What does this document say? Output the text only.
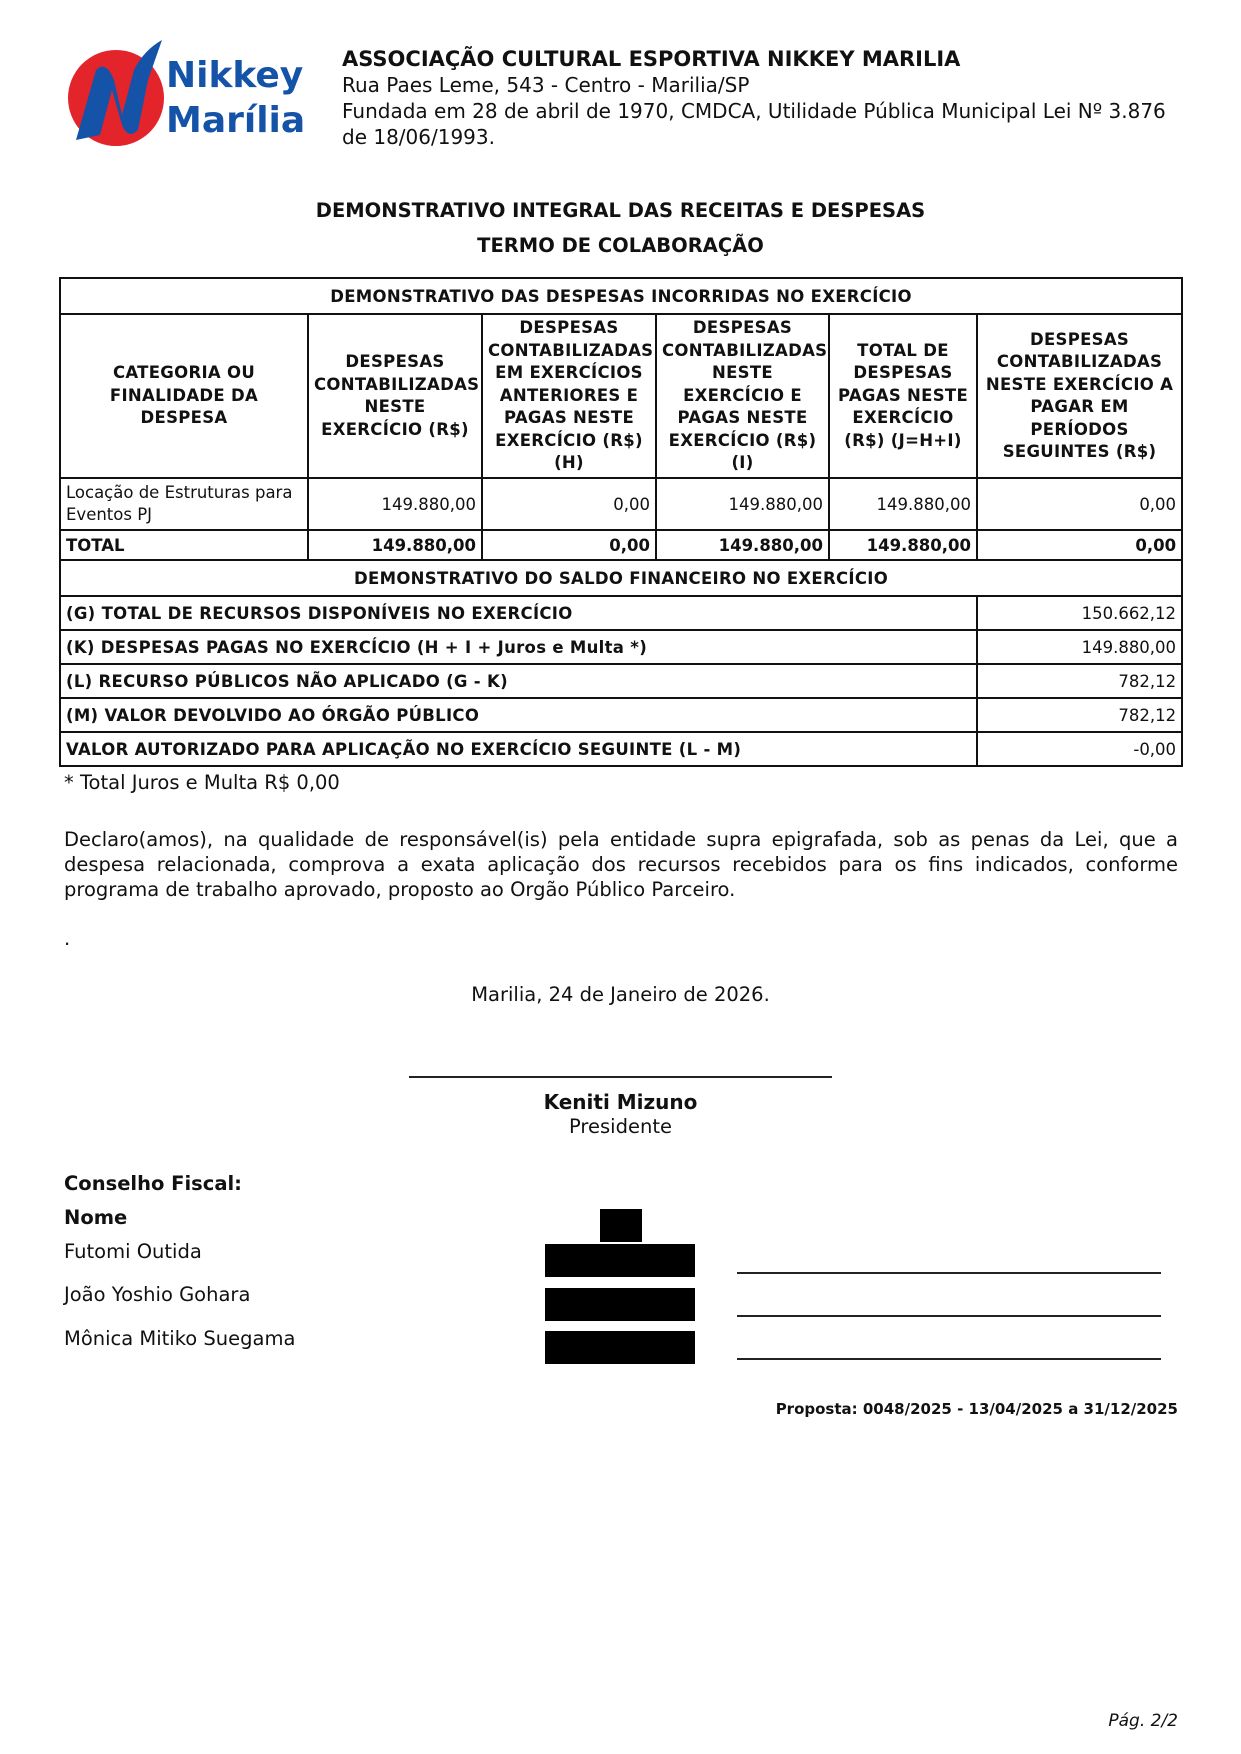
Nikkey
Marília
ASSOCIAÇÃO CULTURAL ESPORTIVA NIKKEY MARILIA
Rua Paes Leme, 543 - Centro - Marilia/SP
Fundada em 28 de abril de 1970, CMDCA, Utilidade Pública Municipal Lei Nº 3.876 de 18/06/1993.
DEMONSTRATIVO INTEGRAL DAS RECEITAS E DESPESAS
TERMO DE COLABORAÇÃO
DEMONSTRATIVO DAS DESPESAS INCORRIDAS NO EXERCÍCIO					
CATEGORIA OU FINALIDADE DA DESPESA	DESPESAS CONTABILIZADAS NESTE EXERCÍCIO (R$)	DESPESAS CONTABILIZADAS EM EXERCÍCIOS ANTERIORES E PAGAS NESTE EXERCÍCIO (R$) (H)	DESPESAS CONTABILIZADAS NESTE EXERCÍCIO E PAGAS NESTE EXERCÍCIO (R$) (I)	TOTAL DE DESPESAS PAGAS NESTE EXERCÍCIO (R$) (J=H+I)	DESPESAS CONTABILIZADAS NESTE EXERCÍCIO A PAGAR EM PERÍODOS SEGUINTES (R$)
Locação de Estruturas para Eventos PJ	149.880,00	0,00	149.880,00	149.880,00	0,00
TOTAL	149.880,00	0,00	149.880,00	149.880,00	0,00
DEMONSTRATIVO DO SALDO FINANCEIRO NO EXERCÍCIO					
(G) TOTAL DE RECURSOS DISPONÍVEIS NO EXERCÍCIO					150.662,12
(K) DESPESAS PAGAS NO EXERCÍCIO (H + I + Juros e Multa *)					149.880,00
(L) RECURSO PÚBLICOS NÃO APLICADO (G - K)					782,12
(M) VALOR DEVOLVIDO AO ÓRGÃO PÚBLICO					782,12
VALOR AUTORIZADO PARA APLICAÇÃO NO EXERCÍCIO SEGUINTE (L - M)					-0,00
* Total Juros e Multa R$ 0,00
Declaro(amos), na qualidade de responsável(is) pela entidade supra epigrafada, sob as penas da Lei, que a despesa relacionada, comprova a exata aplicação dos recursos recebidos para os fins indicados, conforme programa de trabalho aprovado, proposto ao Orgão Público Parceiro.
.
Marilia, 24 de Janeiro de 2026.
Keniti Mizuno
Presidente
Conselho Fiscal:
Nome
Futomi Outida
João Yoshio Gohara
Mônica Mitiko Suegama
Proposta: 0048/2025 - 13/04/2025 a 31/12/2025
Pág. 2/2
